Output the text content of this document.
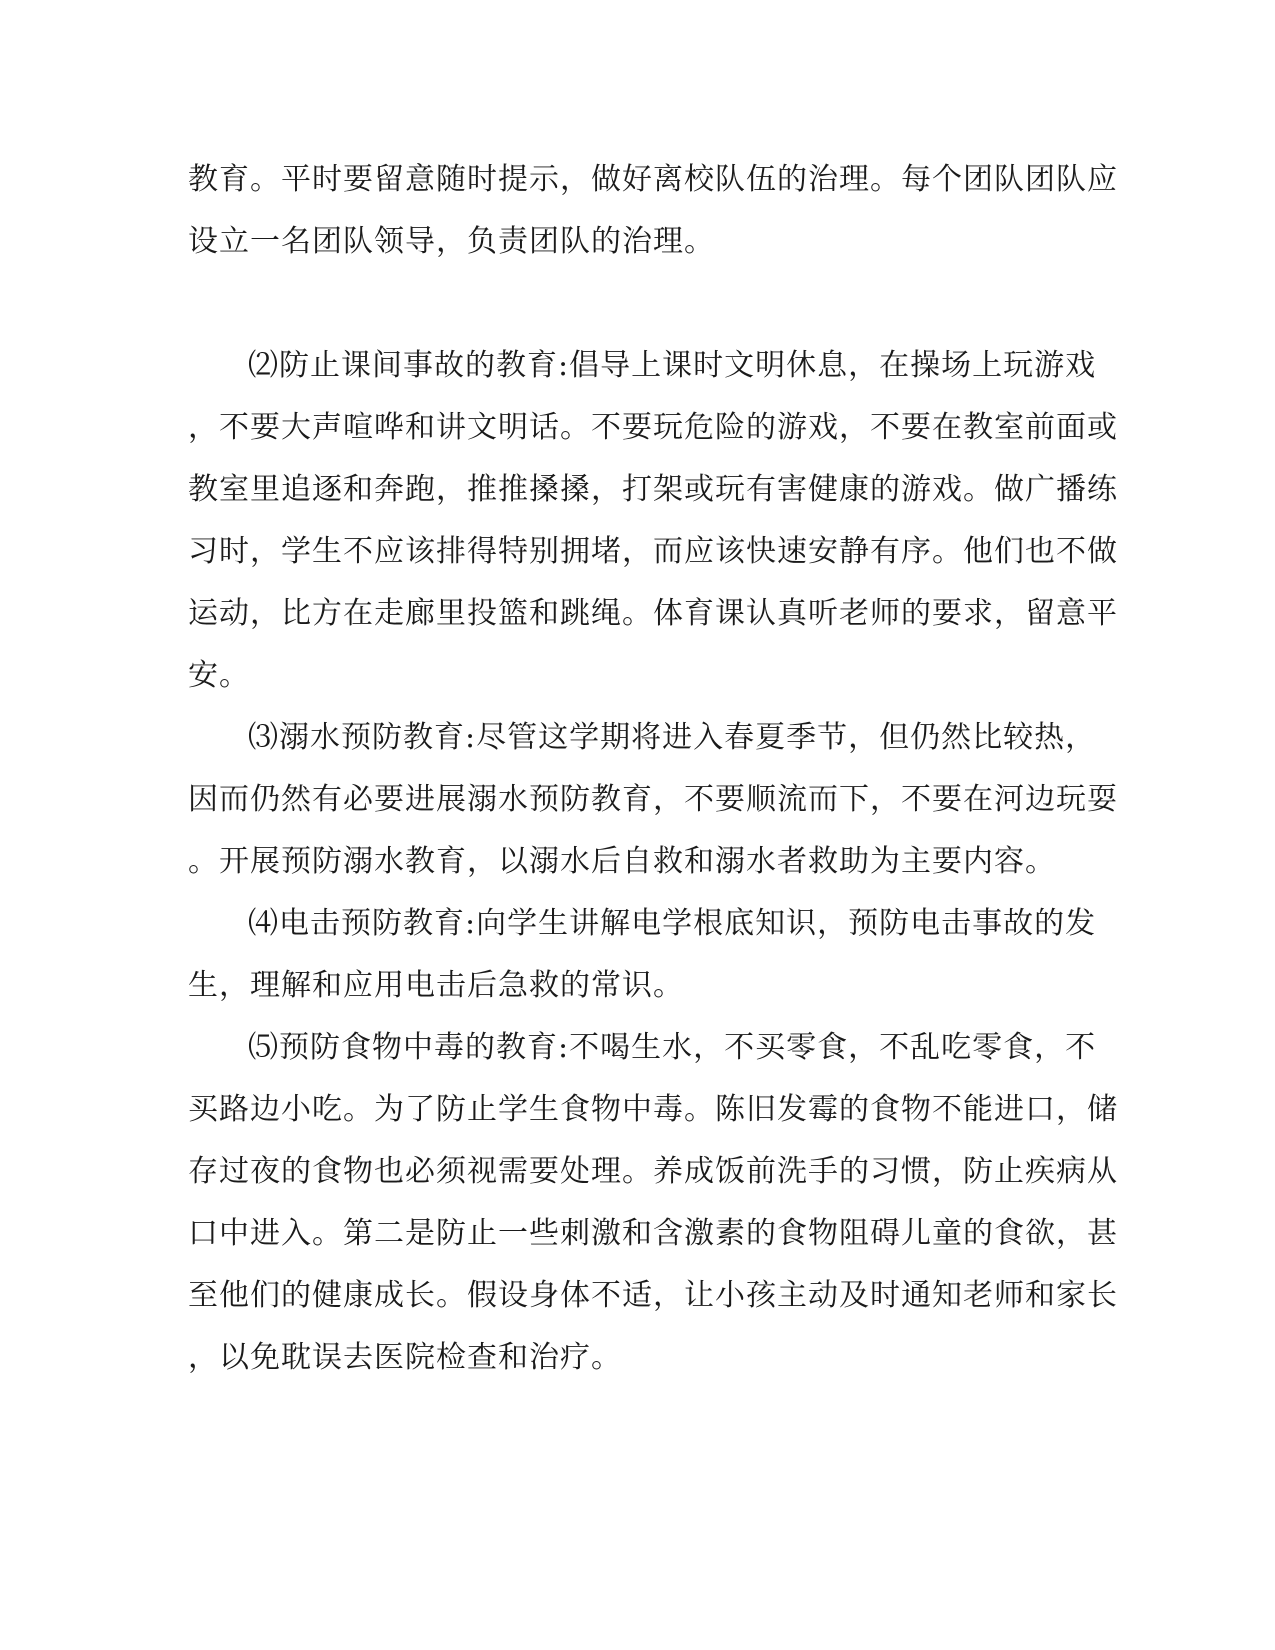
教育。平时要留意随时提示，做好离校队伍的治理。每个团队团队应
设立一名团队领导，负责团队的治理。
⑵防止课间事故的教育:倡导上课时文明休息，在操场上玩游戏
，不要大声喧哗和讲文明话。不要玩危险的游戏，不要在教室前面或
教室里追逐和奔跑，推推搡搡，打架或玩有害健康的游戏。做广播练
习时，学生不应该排得特别拥堵，而应该快速安静有序。他们也不做
运动，比方在走廊里投篮和跳绳。体育课认真听老师的要求，留意平
安。
⑶溺水预防教育:尽管这学期将进入春夏季节，但仍然比较热，
因而仍然有必要进展溺水预防教育，不要顺流而下，不要在河边玩耍
。开展预防溺水教育，以溺水后自救和溺水者救助为主要内容。
⑷电击预防教育:向学生讲解电学根底知识，预防电击事故的发
生，理解和应用电击后急救的常识。
⑸预防食物中毒的教育:不喝生水，不买零食，不乱吃零食，不
买路边小吃。为了防止学生食物中毒。陈旧发霉的食物不能进口，储
存过夜的食物也必须视需要处理。养成饭前洗手的习惯，防止疾病从
口中进入。第二是防止一些刺激和含激素的食物阻碍儿童的食欲，甚
至他们的健康成长。假设身体不适，让小孩主动及时通知老师和家长
，以免耽误去医院检查和治疗。
